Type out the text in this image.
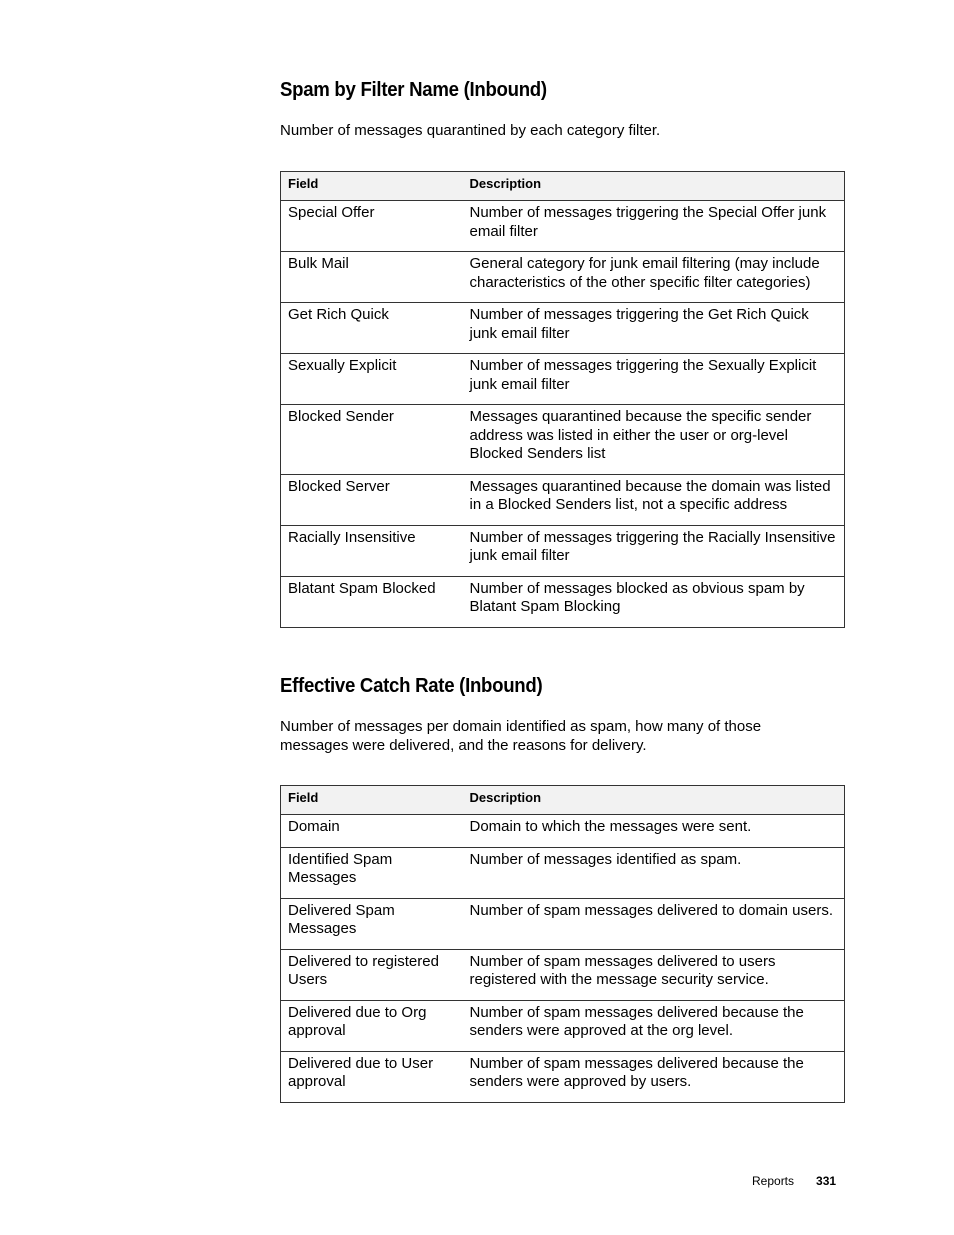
Spam by Filter Name (Inbound)

Number of messages quarantined by each category filter.

Field	Description
Special Offer	Number of messages triggering the Special Offer junk email filter
Bulk Mail	General category for junk email filtering (may include characteristics of the other specific filter categories)
Get Rich Quick	Number of messages triggering the Get Rich Quick junk email filter
Sexually Explicit	Number of messages triggering the Sexually Explicit junk email filter
Blocked Sender	Messages quarantined because the specific sender address was listed in either the user or org-level Blocked Senders list
Blocked Server	Messages quarantined because the domain was listed in a Blocked Senders list, not a specific address
Racially Insensitive	Number of messages triggering the Racially Insensitive junk email filter
Blatant Spam Blocked	Number of messages blocked as obvious spam by Blatant Spam Blocking
Effective Catch Rate (Inbound)

Number of messages per domain identified as spam, how many of those messages were delivered, and the reasons for delivery.

Field	Description
Domain	Domain to which the messages were sent.
Identified Spam Messages	Number of messages identified as spam.
Delivered Spam Messages	Number of spam messages delivered to domain users.
Delivered to registered Users	Number of spam messages delivered to users registered with the message security service.
Delivered due to Org approval	Number of spam messages delivered because the senders were approved at the org level.
Delivered due to User approval	Number of spam messages delivered because the senders were approved by users.
Reports 331
